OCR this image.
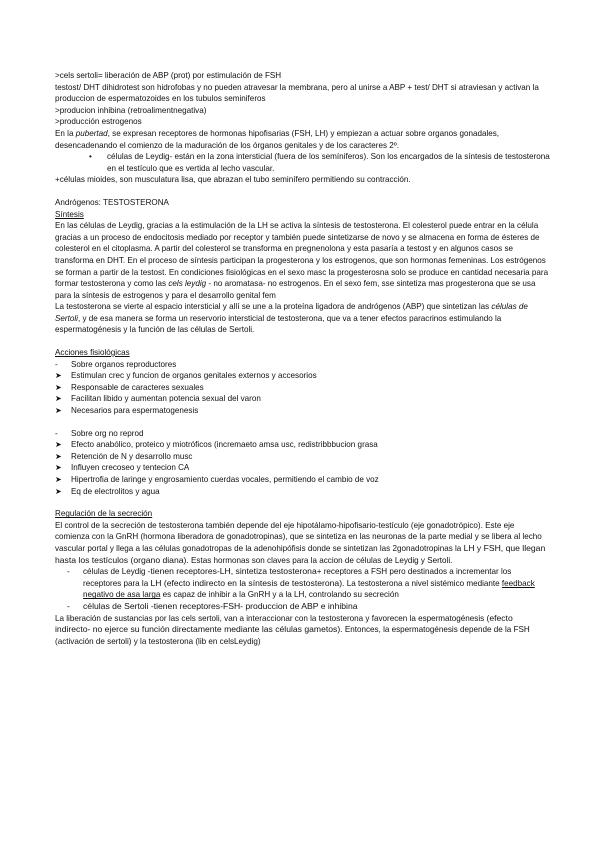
>cels sertoli= liberación de ABP (prot) por estimulación de FSH

testost/ DHT dihidrotest son hidrofobas y no pueden atravesar la membrana, pero al unirse a ABP + test/ DHT si atraviesan y activan la produccion de espermatozoides en los tubulos seminiferos

>producion inhibina (retroalimentnegativa)

>producción estrogenos

En la pubertad, se expresan receptores de hormonas hipofisarias (FSH, LH) y empiezan a actuar sobre organos gonadales, desencadenando el comienzo de la maduración de los órganos genitales y de los caracteres 2º.

• células de Leydig- están en la zona intersticial (fuera de los semíniferos). Son los encargados de la síntesis de testosterona en el testículo que es vertida al lecho vascular.

+células mioides, son musculatura lisa, que abrazan el tubo seminífero permitiendo su contracción.

Andrógenos: TESTOSTERONA

Síntesis

En las células de Leydig, gracias a la estimulación de la LH se activa la síntesis de testosterona. El colesterol puede entrar en la célula gracias a un proceso de endocitosis mediado por receptor y también puede sintetizarse de novo y se almacena en forma de ésteres de colesterol en el citoplasma. A partir del colesterol se transforma en pregnenolona y esta pasaría a testost y en algunos casos se transforma en DHT. En el proceso de síntesis participan la progesterona y los estrogenos, que son hormonas femeninas. Los estrógenos se forman a partir de la testost. En condiciones fisiológicas en el sexo masc la progesterosna solo se produce en cantidad necesaria para formar testosterona y como las cels leydig - no aromatasa- no estrogenos. En el sexo fem, sse sintetiza mas progesterona que se usa para la síntesis de estrogenos y para el desarrollo genital fem

La testosterona se vierte al espacio intersticial y allí se une a la proteína ligadora de andrógenos (ABP) que sintetizan las células de Sertoli, y de esa manera se forma un reservorio intersticial de testosterona, que va a tener efectos paracrinos estimulando la espermatogénesis y la función de las células de Sertoli.

Acciones fisiológicas

- Sobre organos reproductores

➤ Estimulan crec y funcion de organos genitales externos y accesorios

➤ Responsable de caracteres sexuales

➤ Facilitan libido y aumentan potencia sexual del varon

➤ Necesarios para espermatogenesis

- Sobre org no reprod

➤ Efecto anabólico, proteico y miotróficos (incremaeto amsa usc, redistribbbucion grasa

➤ Retención de N y desarrollo musc

➤ Influyen crecoseo y tentecion CA

➤ Hipertrofia de laringe y engrosamiento cuerdas vocales, permitiendo el cambio de voz

➤ Eq de electrolitos y agua

Regulación de la secreción

El control de la secreción de testosterona también depende del eje hipotálamo-hipofisario-testículo (eje gonadotrópico). Este eje comienza con la GnRH (hormona liberadora de gonadotropinas), que se sintetiza en las neuronas de la parte medial y se libera al lecho vascular portal y llega a las células gonadotropas de la adenohipófisis donde se sintetizan las 2gonadotropinas la LH y FSH, que llegan hasta los testículos (organo diana). Estas hormonas son claves para la accion de células de Leydig y Sertoli.

- células de Leydig -tienen receptores-LH, sintetiza testosterona+ receptores a FSH pero destinados a incrementar los receptores para la LH (efecto indirecto en la síntesis de testosterona). La testosterona a nivel sistémico mediante feedback negativo de asa larga es capaz de inhibir a la GnRH y a la LH, controlando su secreción

- células de Sertoli -tienen receptores-FSH- produccion de ABP e inhibina

La liberación de sustancias por las cels sertoli, van a interaccionar con la testosterona y favorecen la espermatogénesis (efecto indirecto- no ejerce su función directamente mediante las células gametos). Entonces, la espermatogénesis depende de la FSH (activación de sertoli) y la testosterona (lib en celsLeydig)
